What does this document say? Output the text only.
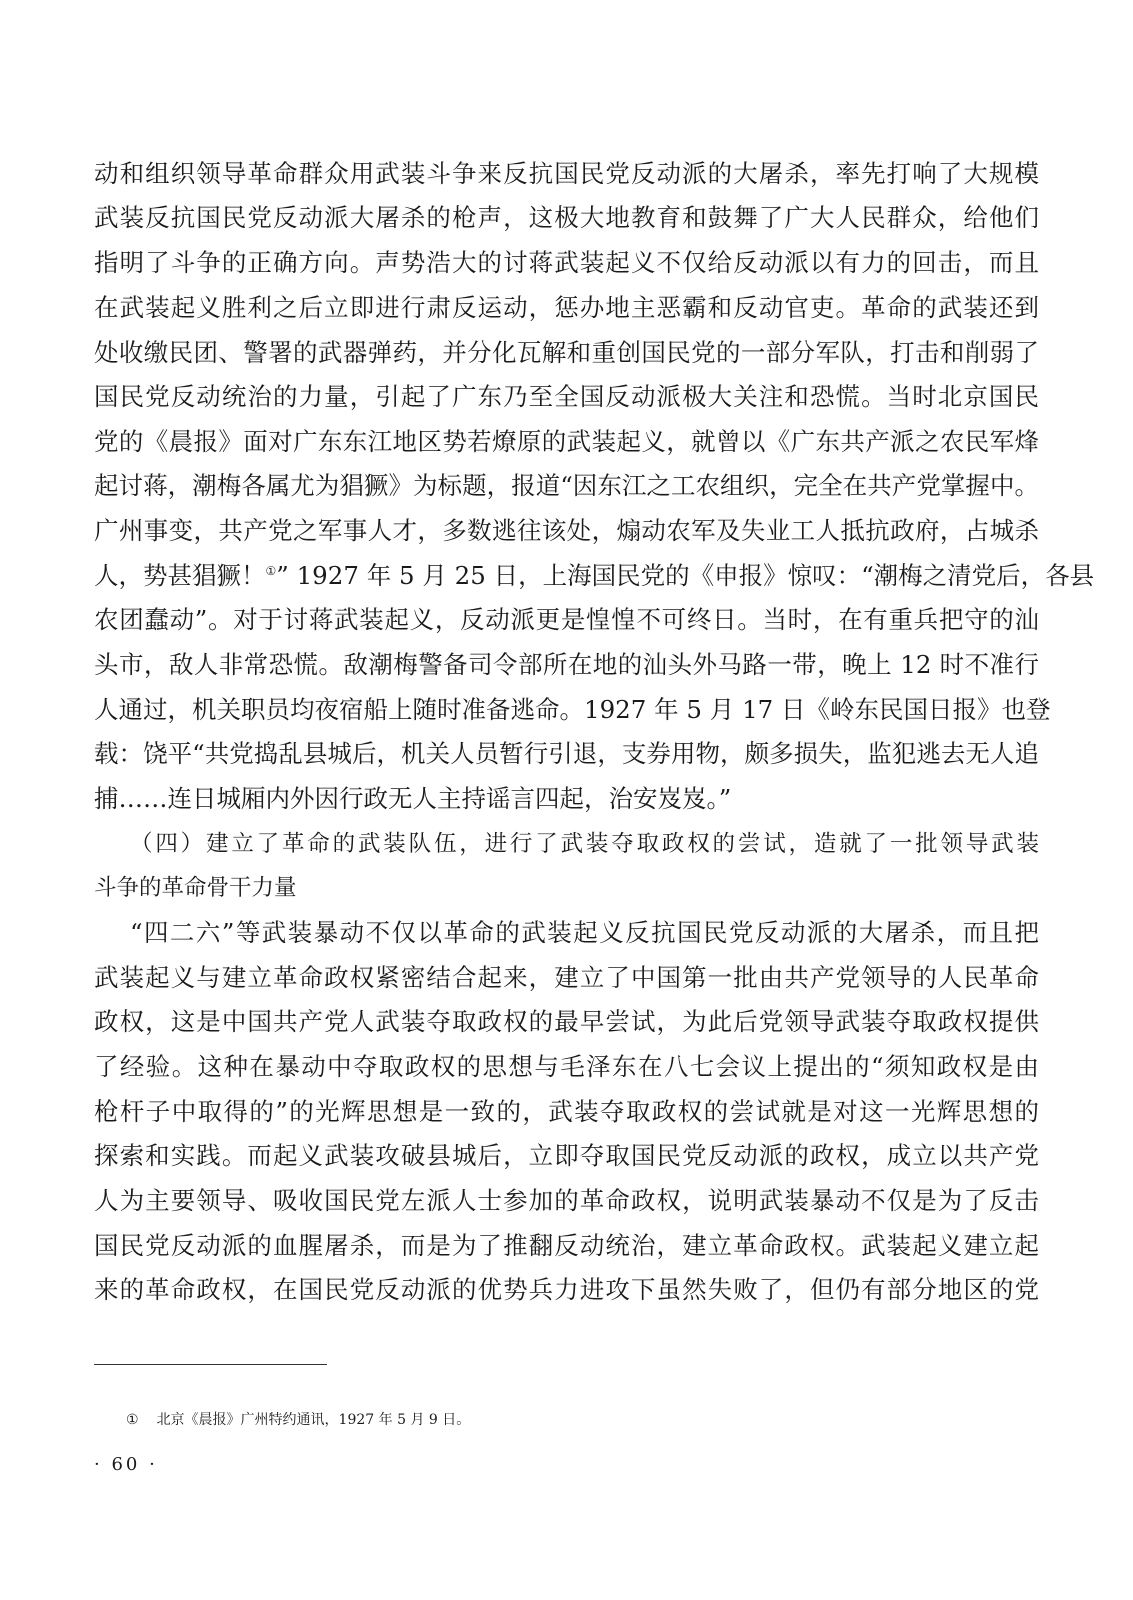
动和组织领导革命群众用武装斗争来反抗国民党反动派的大屠杀，率先打响了大规模
武装反抗国民党反动派大屠杀的枪声，这极大地教育和鼓舞了广大人民群众，给他们
指明了斗争的正确方向。声势浩大的讨蒋武装起义不仅给反动派以有力的回击，而且
在武装起义胜利之后立即进行肃反运动，惩办地主恶霸和反动官吏。革命的武装还到
处收缴民团、警署的武器弹药，并分化瓦解和重创国民党的一部分军队，打击和削弱了
国民党反动统治的力量，引起了广东乃至全国反动派极大关注和恐慌。当时北京国民
党的《晨报》面对广东东江地区势若燎原的武装起义，就曾以《广东共产派之农民军烽
起讨蒋，潮梅各属尤为猖獗》为标题，报道“因东江之工农组织，完全在共产党掌握中。
广州事变，共产党之军事人才，多数逃往该处，煽动农军及失业工人抵抗政府，占城杀
人，势甚猖獗！①” 1927 年 5 月 25 日，上海国民党的《申报》惊叹：“潮梅之清党后，各县
农团蠢动”。对于讨蒋武装起义，反动派更是惶惶不可终日。当时，在有重兵把守的汕
头市，敌人非常恐慌。敌潮梅警备司令部所在地的汕头外马路一带，晚上 12 时不准行
人通过，机关职员均夜宿船上随时准备逃命。1927 年 5 月 17 日《岭东民国日报》也登
载：饶平“共党捣乱县城后，机关人员暂行引退，支券用物，颇多损失，监犯逃去无人追
捕……连日城厢内外因行政无人主持谣言四起，治安岌岌。”
（四）建立了革命的武装队伍，进行了武装夺取政权的尝试，造就了一批领导武装
斗争的革命骨干力量
“四二六”等武装暴动不仅以革命的武装起义反抗国民党反动派的大屠杀，而且把
武装起义与建立革命政权紧密结合起来，建立了中国第一批由共产党领导的人民革命
政权，这是中国共产党人武装夺取政权的最早尝试，为此后党领导武装夺取政权提供
了经验。这种在暴动中夺取政权的思想与毛泽东在八七会议上提出的“须知政权是由
枪杆子中取得的”的光辉思想是一致的，武装夺取政权的尝试就是对这一光辉思想的
探索和实践。而起义武装攻破县城后，立即夺取国民党反动派的政权，成立以共产党
人为主要领导、吸收国民党左派人士参加的革命政权，说明武装暴动不仅是为了反击
国民党反动派的血腥屠杀，而是为了推翻反动统治，建立革命政权。武装起义建立起
来的革命政权，在国民党反动派的优势兵力进攻下虽然失败了，但仍有部分地区的党
① 北京《晨报》广州特约通讯，1927 年 5 月 9 日。
· 60 ·
